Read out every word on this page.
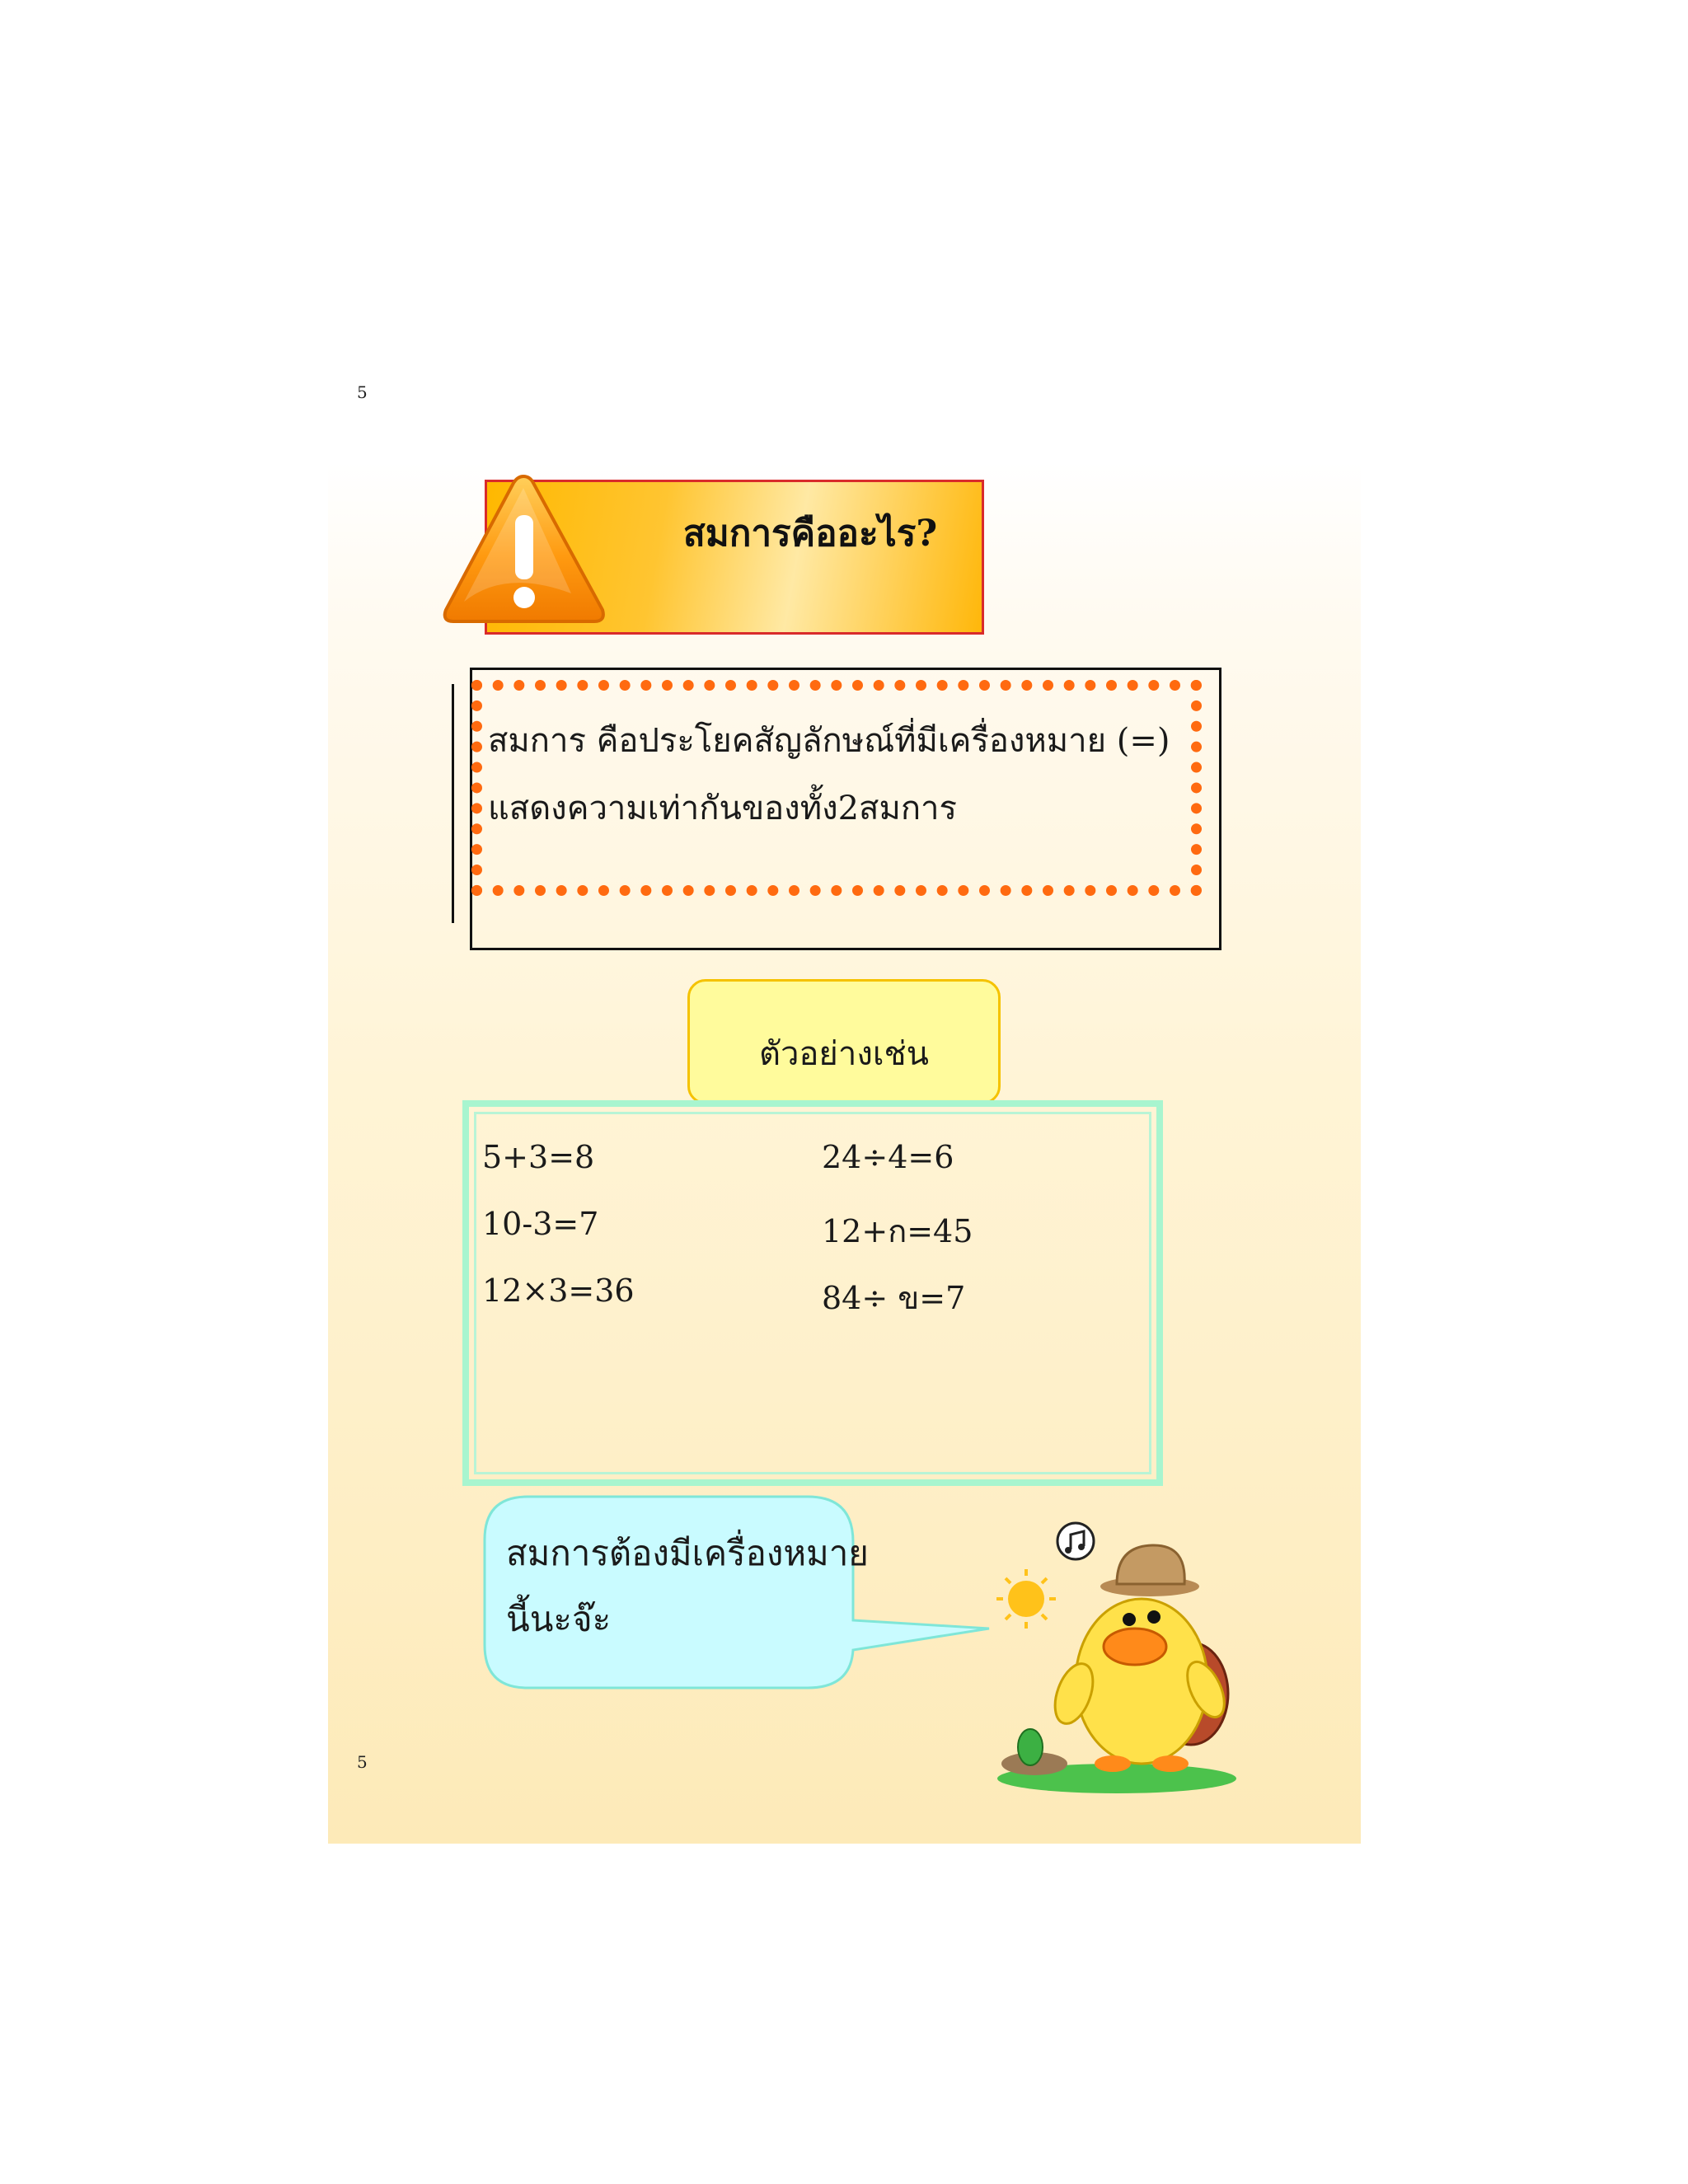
5
5
สมการคืออะไร?
สมการ คือประโยคสัญลักษณ์ที่มีเครื่องหมาย (=)
แสดงความเท่ากันของทั้ง2สมการ
ตัวอย่างเช่น
5+3=8
10-3=7
12×3=36
24÷4=6
12+ก=45
84÷ ข=7
สมการต้องมีเครื่องหมาย
นี้นะจ๊ะ
